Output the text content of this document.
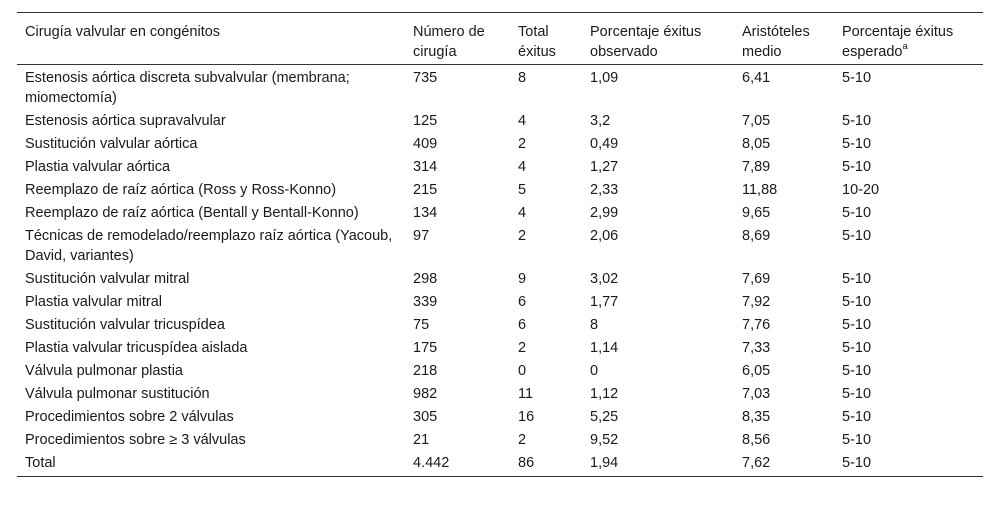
Cirugía valvular en congénitos	Número de cirugía	Total éxitus	Porcentaje éxitus observado	Aristóteles medio	Porcentaje éxitus esperado$^a$
Estenosis aórtica discreta subvalvular (membrana; miomectomía)	735	8	1,09	6,41	5-10
Estenosis aórtica supravalvular	125	4	3,2	7,05	5-10
Sustitución valvular aórtica	409	2	0,49	8,05	5-10
Plastia valvular aórtica	314	4	1,27	7,89	5-10
Reemplazo de raíz aórtica (Ross y Ross-Konno)	215	5	2,33	11,88	10-20
Reemplazo de raíz aórtica (Bentall y Bentall-Konno)	134	4	2,99	9,65	5-10
Técnicas de remodelado/reemplazo raíz aórtica (Yacoub, David, variantes)	97	2	2,06	8,69	5-10
Sustitución valvular mitral	298	9	3,02	7,69	5-10
Plastia valvular mitral	339	6	1,77	7,92	5-10
Sustitución valvular tricuspídea	75	6	8	7,76	5-10
Plastia valvular tricuspídea aislada	175	2	1,14	7,33	5-10
Válvula pulmonar plastia	218	0	0	6,05	5-10
Válvula pulmonar sustitución	982	11	1,12	7,03	5-10
Procedimientos sobre 2 válvulas	305	16	5,25	8,35	5-10
Procedimientos sobre ≥ 3 válvulas	21	2	9,52	8,56	5-10
Total	4.442	86	1,94	7,62	5-10
